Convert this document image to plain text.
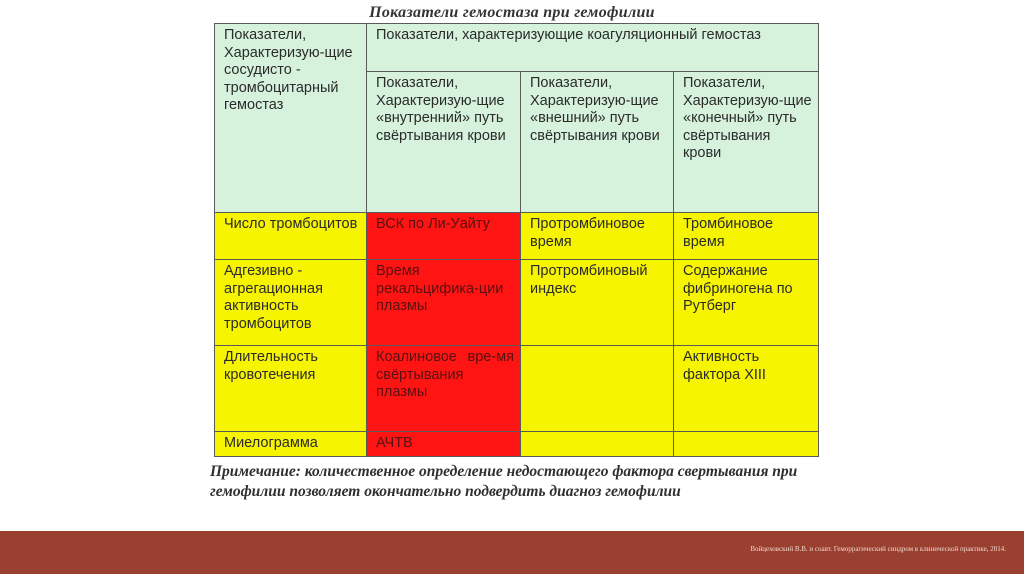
Показатели гемостаза при гемофилии
Показатели, Характеризую-щие сосудисто - тромбоцитарный гемостаз	Показатели, характеризующие коагуляционный гемостаз		
	Показатели, Характеризую-щие «внутренний» путь свёртывания крови	Показатели, Характеризую-щие «внешний» путь свёртывания крови	Показатели, Характеризую-щие «конечный» путь свёртывания крови
Число тромбоцитов	ВСК по Ли-Уайту	Протромбиновое время	Тромбиновое время
Адгезивно - агрегационная активность тромбоцитов	Время рекальцифика-ции плазмы	Протромбиновый индекс	Содержание фибриногена по Рутберг
Длительность кровотечения	Коалиновое вре-мя свёртывания плазмы		Активность фактора XIII
Миелограмма	АЧТВ		
Примечание: количественное определение недостающего фактора свертывания при гемофилии позволяет окончательно подвердить диагноз гемофилии
Войцеховский В.В. и соавт. Геморрагический синдром в клинической практике, 2014.
